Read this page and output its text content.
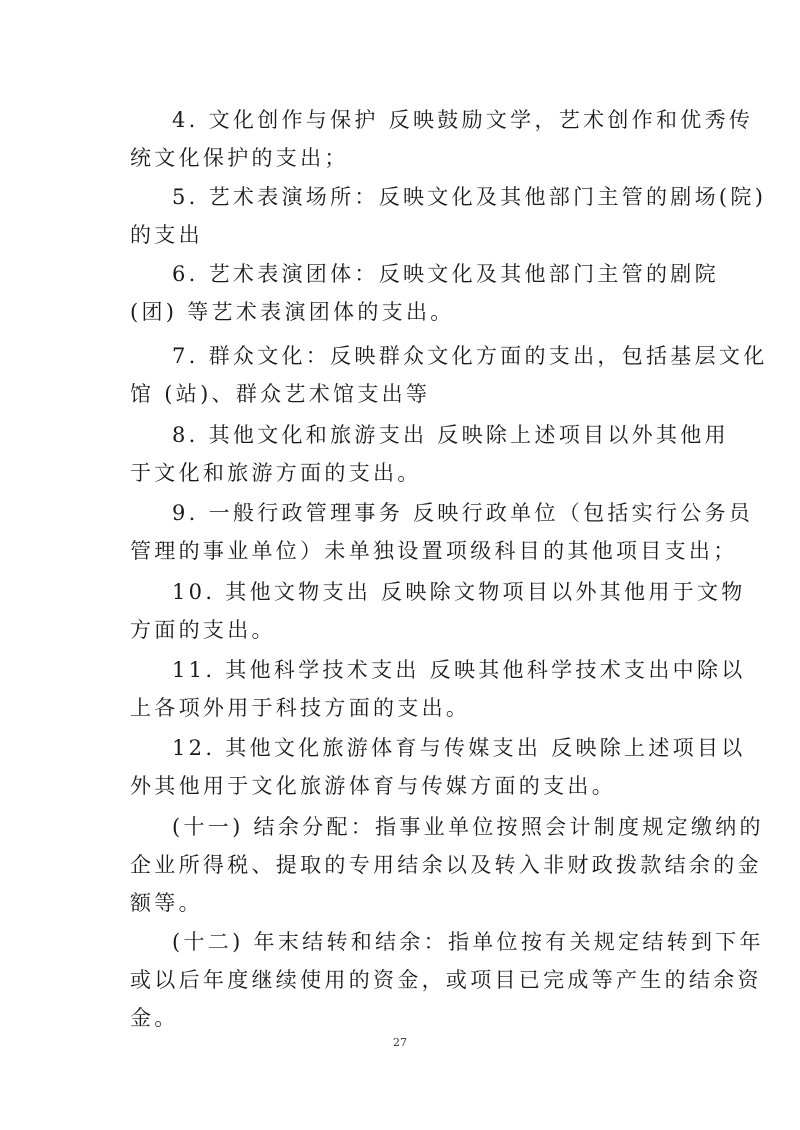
4. 文化创作与保护 反映鼓励文学，艺术创作和优秀传
统文化保护的支出；
5. 艺术表演场所：反映文化及其他部门主管的剧场(院)
的支出
6. 艺术表演团体：反映文化及其他部门主管的剧院
(团) 等艺术表演团体的支出。
7. 群众文化：反映群众文化方面的支出，包括基层文化
馆 (站)、群众艺术馆支出等
8. 其他文化和旅游支出 反映除上述项目以外其他用
于文化和旅游方面的支出。
9. 一般行政管理事务 反映行政单位（包括实行公务员
管理的事业单位）未单独设置项级科目的其他项目支出；
10. 其他文物支出 反映除文物项目以外其他用于文物
方面的支出。
11. 其他科学技术支出 反映其他科学技术支出中除以
上各项外用于科技方面的支出。
12. 其他文化旅游体育与传媒支出 反映除上述项目以
外其他用于文化旅游体育与传媒方面的支出。
(十一) 结余分配：指事业单位按照会计制度规定缴纳的
企业所得税、提取的专用结余以及转入非财政拨款结余的金
额等。
(十二) 年末结转和结余：指单位按有关规定结转到下年
或以后年度继续使用的资金，或项目已完成等产生的结余资
金。
27
